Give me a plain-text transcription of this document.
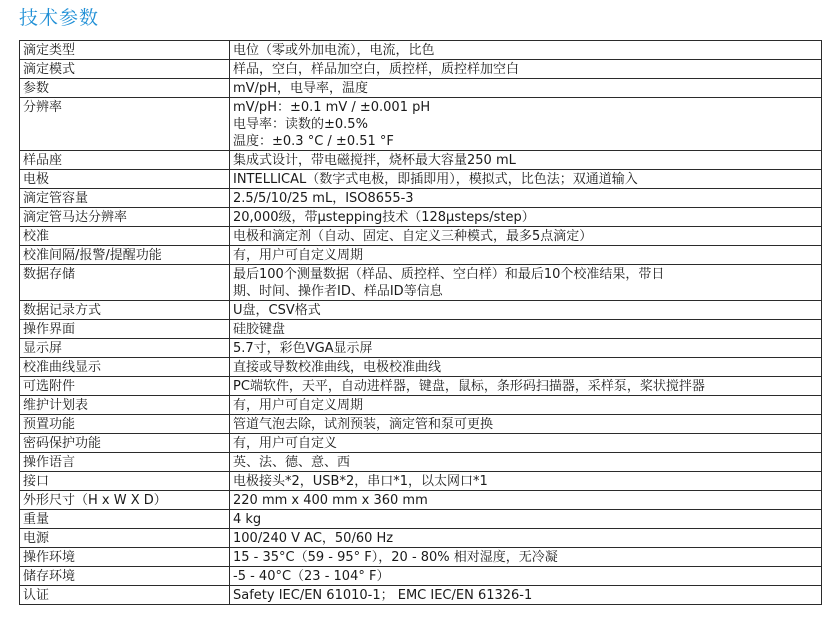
技术参数
滴定类型	电位（零或外加电流），电流，比色
滴定模式	样品，空白，样品加空白，质控样，质控样加空白
参数	mV/pH，电导率，温度
分辨率	mV/pH：±0.1 mV / ±0.001 pH
电导率：读数的±0.5%
温度：±0.3 °C / ±0.51 °F
样品座	集成式设计，带电磁搅拌，烧杯最大容量250 mL
电极	INTELLICAL（数字式电极，即插即用），模拟式，比色法；双通道输入
滴定管容量	2.5/5/10/25 mL，ISO8655-3
滴定管马达分辨率	20,000级，带μstepping技术（128μsteps/step）
校准	电极和滴定剂（自动、固定、自定义三种模式，最多5点滴定）
校准间隔/报警/提醒功能	有，用户可自定义周期
数据存储	最后100个测量数据（样品、质控样、空白样）和最后10个校准结果，带日
期、时间、操作者ID、样品ID等信息
数据记录方式	U盘，CSV格式
操作界面	硅胶键盘
显示屏	5.7寸，彩色VGA显示屏
校准曲线显示	直接或导数校准曲线，电极校准曲线
可选附件	PC端软件，天平，自动进样器，键盘，鼠标，条形码扫描器，采样泵，桨状搅拌器
维护计划表	有，用户可自定义周期
预置功能	管道气泡去除，试剂预装，滴定管和泵可更换
密码保护功能	有，用户可自定义
操作语言	英、法、德、意、西
接口	电极接头*2，USB*2，串口*1，以太网口*1
外形尺寸（H x W X D）	220 mm x 400 mm x 360 mm
重量	4 kg
电源	100/240 V AC，50/60 Hz
操作环境	15 - 35°C（59 - 95° F），20 - 80% 相对湿度，无冷凝
储存环境	-5 - 40°C（23 - 104° F）
认证	Safety IEC/EN 61010-1； EMC IEC/EN 61326-1
